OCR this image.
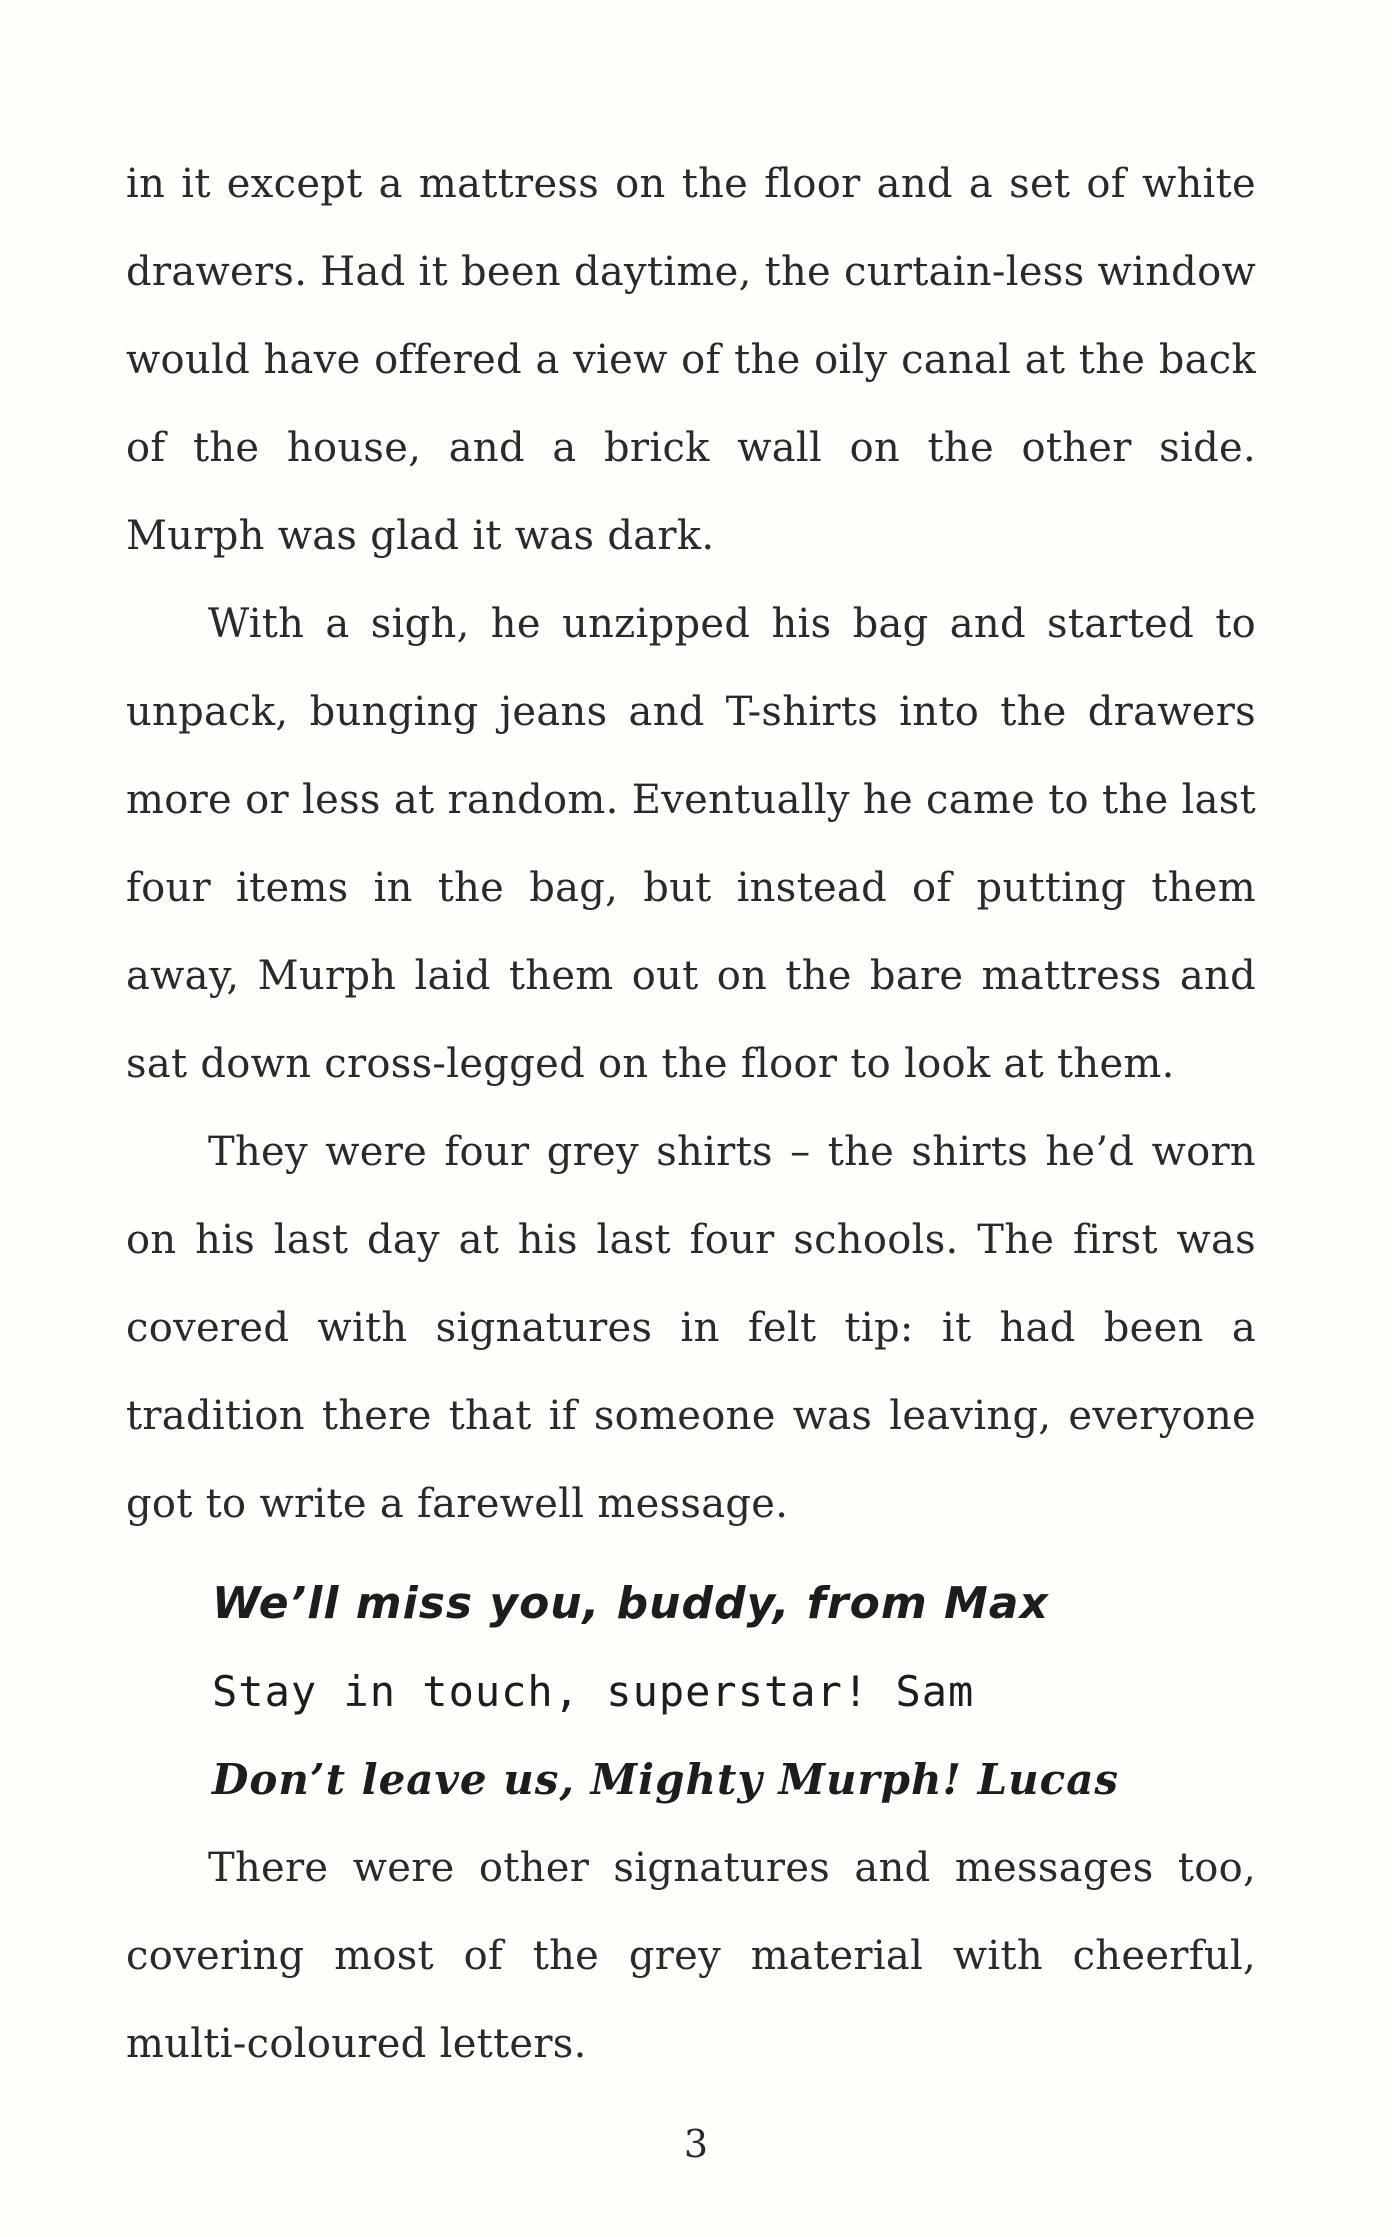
in it except a mattress on the floor and a set of white drawers. Had it been daytime, the curtain-less window would have offered a view of the oily canal at the back of the house, and a brick wall on the other side. Murph was glad it was dark.

With a sigh, he unzipped his bag and started to unpack, bunging jeans and T-shirts into the drawers more or less at random. Eventually he came to the last four items in the bag, but instead of putting them away, Murph laid them out on the bare mattress and sat down cross-legged on the floor to look at them.

They were four grey shirts – the shirts he’d worn on his last day at his last four schools. The first was covered with signatures in felt tip: it had been a tradition there that if someone was leaving, everyone got to write a farewell message.

We’ll miss you, buddy, from Max
Stay in touch, superstar! Sam
Don’t leave us, Mighty Murph! Lucas

There were other signatures and messages too, covering most of the grey material with cheerful, multi-coloured letters.

3
